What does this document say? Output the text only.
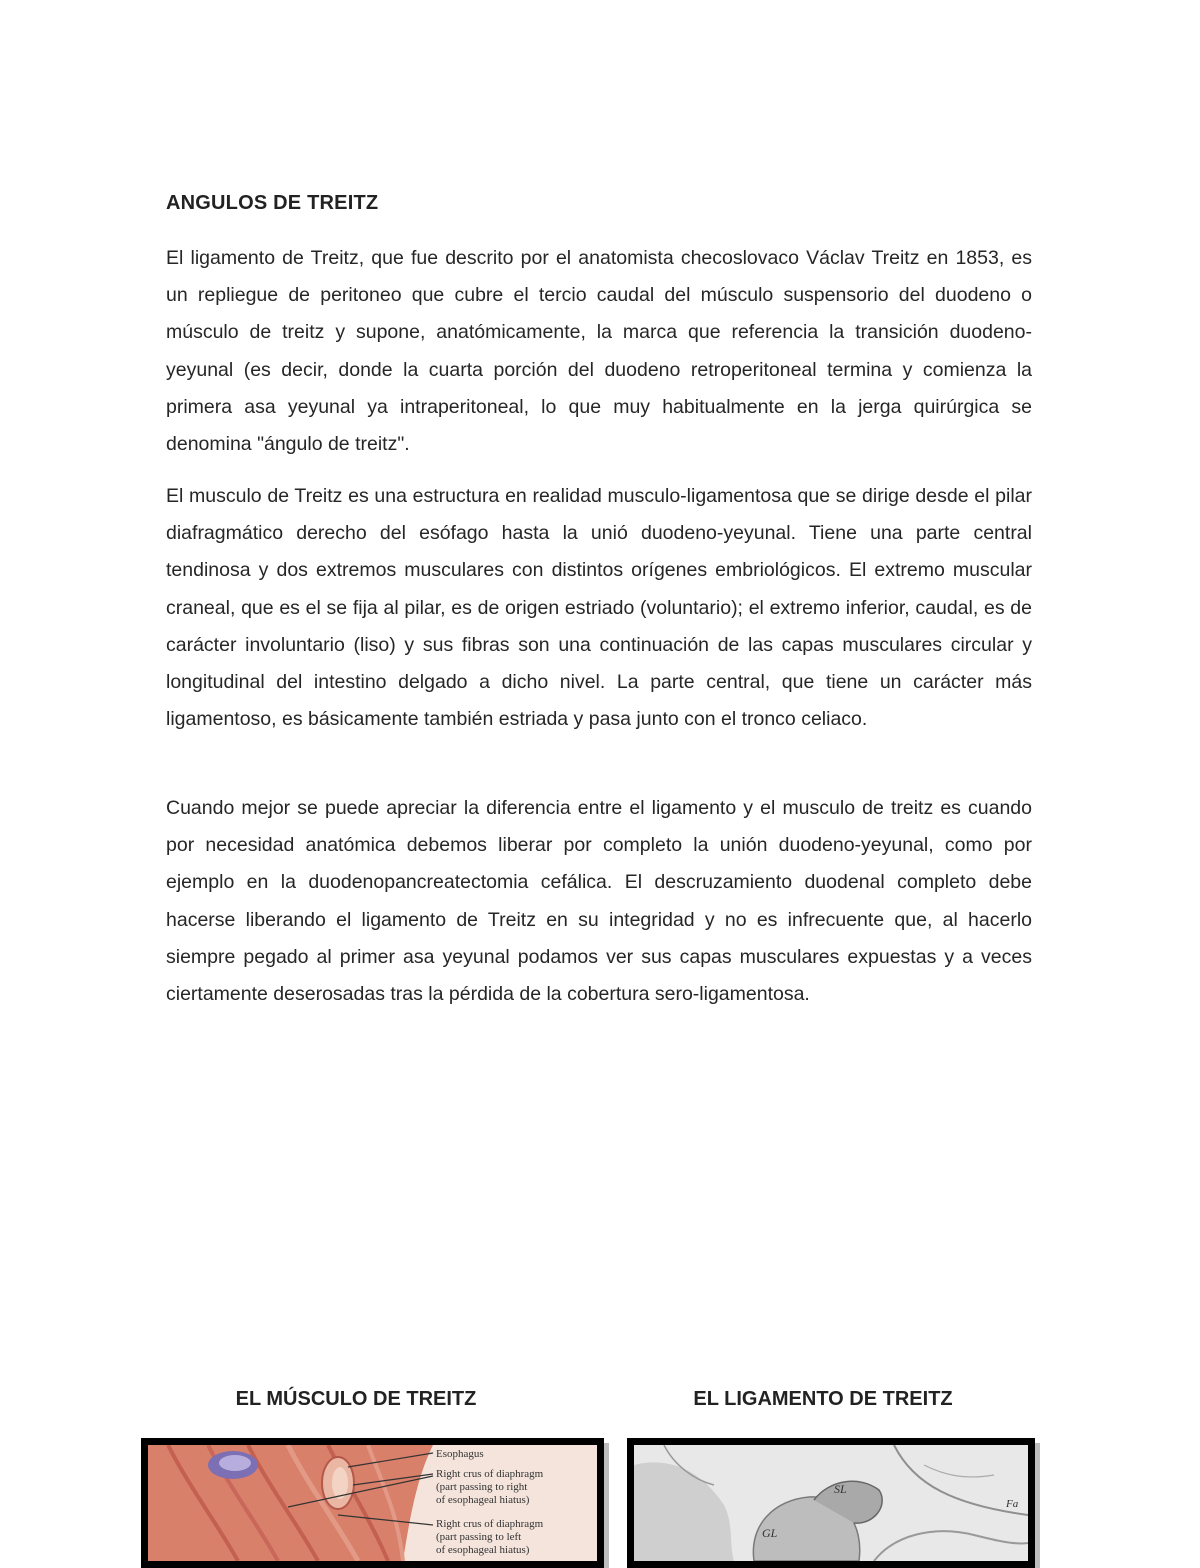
ANGULOS DE TREITZ

El ligamento de Treitz, que fue descrito por el anatomista checoslovaco Václav Treitz en 1853, es un repliegue de peritoneo que cubre el tercio caudal del músculo suspensorio del duodeno o músculo de treitz y supone, anatómicamente, la marca que referencia la transición duodeno-yeyunal (es decir, donde la cuarta porción del duodeno retroperitoneal termina y comienza la primera asa yeyunal ya intraperitoneal, lo que muy habitualmente en la jerga quirúrgica se denomina "ángulo de treitz".

El musculo de Treitz es una estructura en realidad musculo-ligamentosa que se dirige desde el pilar diafragmático derecho del esófago hasta la unió duodeno-yeyunal. Tiene una parte central tendinosa y dos extremos musculares con distintos orígenes embriológicos. El extremo muscular craneal, que es el se fija al pilar, es de origen estriado (voluntario); el extremo inferior, caudal, es de carácter involuntario (liso) y sus fibras son una continuación de las capas musculares circular y longitudinal del intestino delgado a dicho nivel. La parte central, que tiene un carácter más ligamentoso, es básicamente también estriada y pasa junto con el tronco celiaco.

Cuando mejor se puede apreciar la diferencia entre el ligamento y el musculo de treitz es cuando por necesidad anatómica debemos liberar por completo la unión duodeno-yeyunal, como por ejemplo en la duodenopancreatectomia cefálica. El descruzamiento duodenal completo debe hacerse liberando el ligamento de Treitz en su integridad y no es infrecuente que, al hacerlo siempre pegado al primer asa yeyunal podamos ver sus capas musculares expuestas y a veces ciertamente deserosadas tras la pérdida de la cobertura sero-ligamentosa.

EL MÚSCULO DE TREITZ	EL LIGAMENTO DE TREITZ
Esophagus
Right crus of diaphragm
(part passing to right
of esophageal hiatus)
Right crus of diaphragm
(part passing to left
of esophageal hiatus)
SL
GL
Fa
